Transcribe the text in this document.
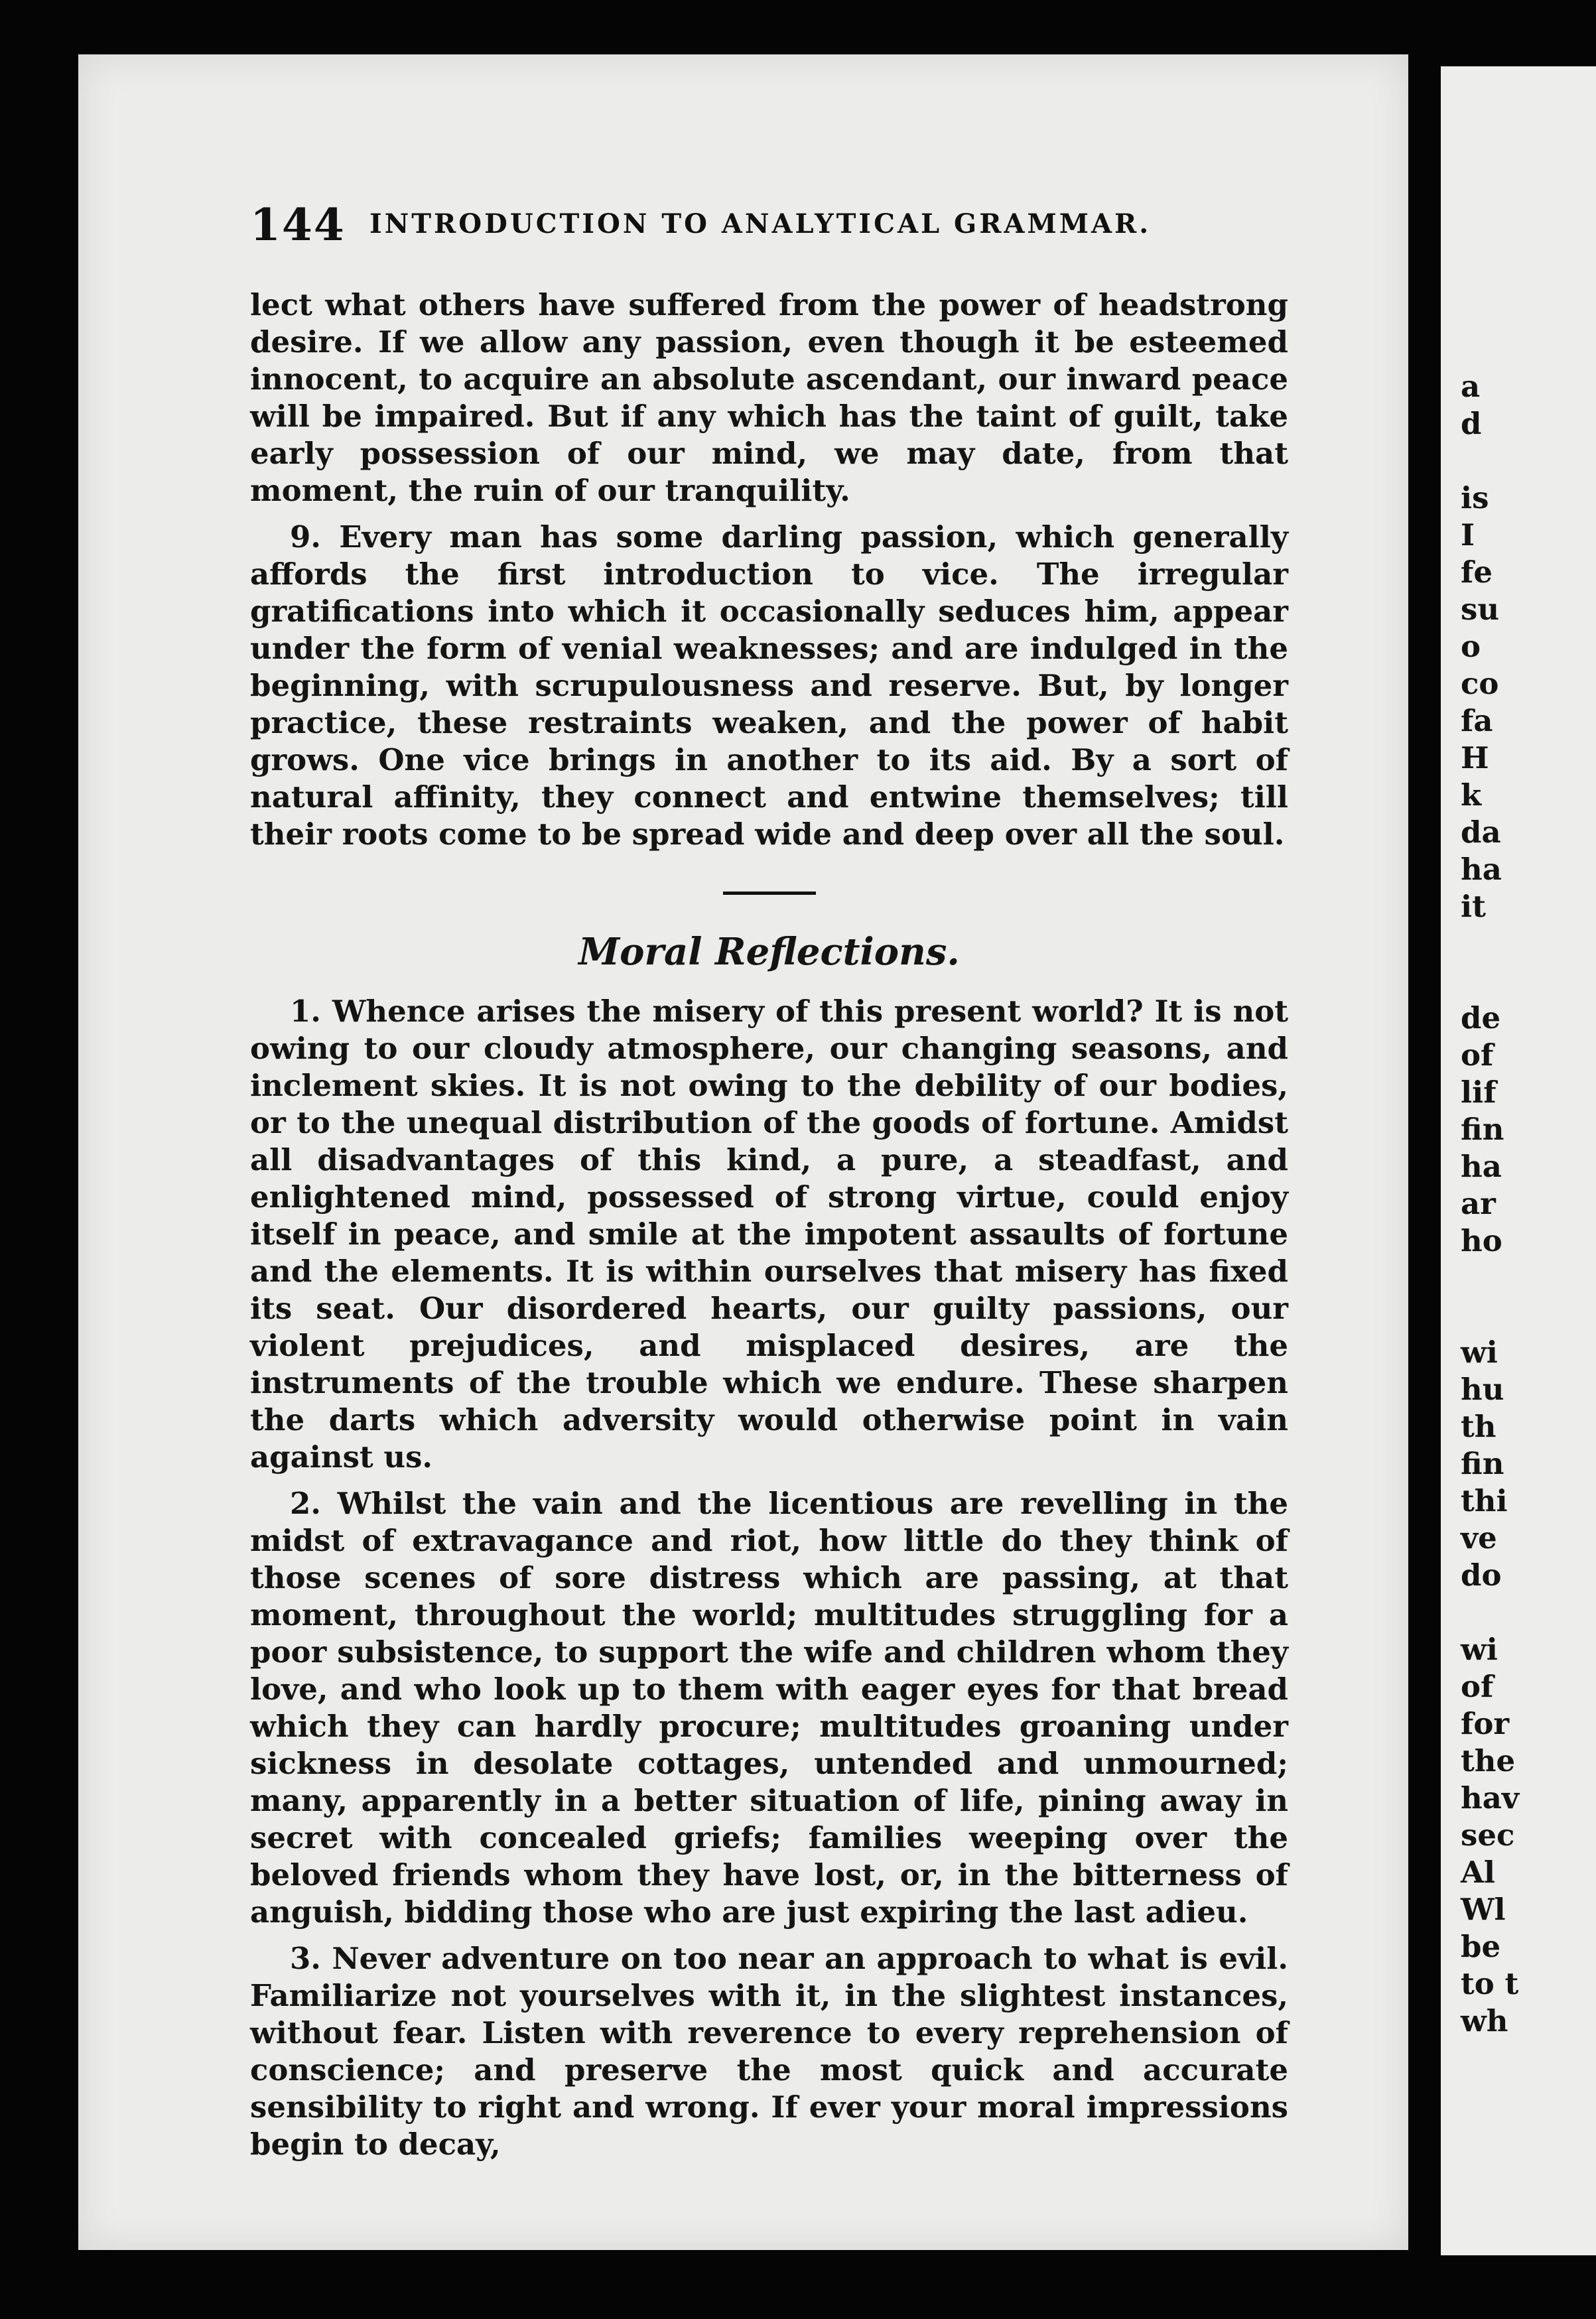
a
d
is
I
fe
su
o
co
fa
H
k
da
ha
it
de
of
lif
fin
ha
ar
ho
wi
hu
th
fin
thi
ve
do
wi
of
for
the
hav
sec
Al
Wl
be
to t
wh
144 INTRODUCTION TO ANALYTICAL GRAMMAR.

lect what others have suffered from the power of headstrong desire. If we allow any passion, even though it be esteemed innocent, to acquire an absolute ascendant, our inward peace will be impaired. But if any which has the taint of guilt, take early possession of our mind, we may date, from that moment, the ruin of our tranquility.

9. Every man has some darling passion, which generally affords the first introduction to vice. The irregular gratifications into which it occasionally seduces him, appear under the form of venial weaknesses; and are indulged in the beginning, with scrupulousness and reserve. But, by longer practice, these restraints weaken, and the power of habit grows. One vice brings in another to its aid. By a sort of natural affinity, they connect and entwine themselves; till their roots come to be spread wide and deep over all the soul.

Moral Reflections.

1. Whence arises the misery of this present world? It is not owing to our cloudy atmosphere, our changing seasons, and inclement skies. It is not owing to the debility of our bodies, or to the unequal distribution of the goods of fortune. Amidst all disadvantages of this kind, a pure, a steadfast, and enlightened mind, possessed of strong virtue, could enjoy itself in peace, and smile at the impotent assaults of fortune and the elements. It is within ourselves that misery has fixed its seat. Our disordered hearts, our guilty passions, our violent prejudices, and misplaced desires, are the instruments of the trouble which we endure. These sharpen the darts which adversity would otherwise point in vain against us.

2. Whilst the vain and the licentious are revelling in the midst of extravagance and riot, how little do they think of those scenes of sore distress which are passing, at that moment, throughout the world; multitudes struggling for a poor subsistence, to support the wife and children whom they love, and who look up to them with eager eyes for that bread which they can hardly procure; multitudes groaning under sickness in desolate cottages, untended and unmourned; many, apparently in a better situation of life, pining away in secret with concealed griefs; families weeping over the beloved friends whom they have lost, or, in the bitterness of anguish, bidding those who are just expiring the last adieu.

3. Never adventure on too near an approach to what is evil. Familiarize not yourselves with it, in the slightest instances, without fear. Listen with reverence to every reprehension of conscience; and preserve the most quick and accurate sensibility to right and wrong. If ever your moral impressions begin to decay,
